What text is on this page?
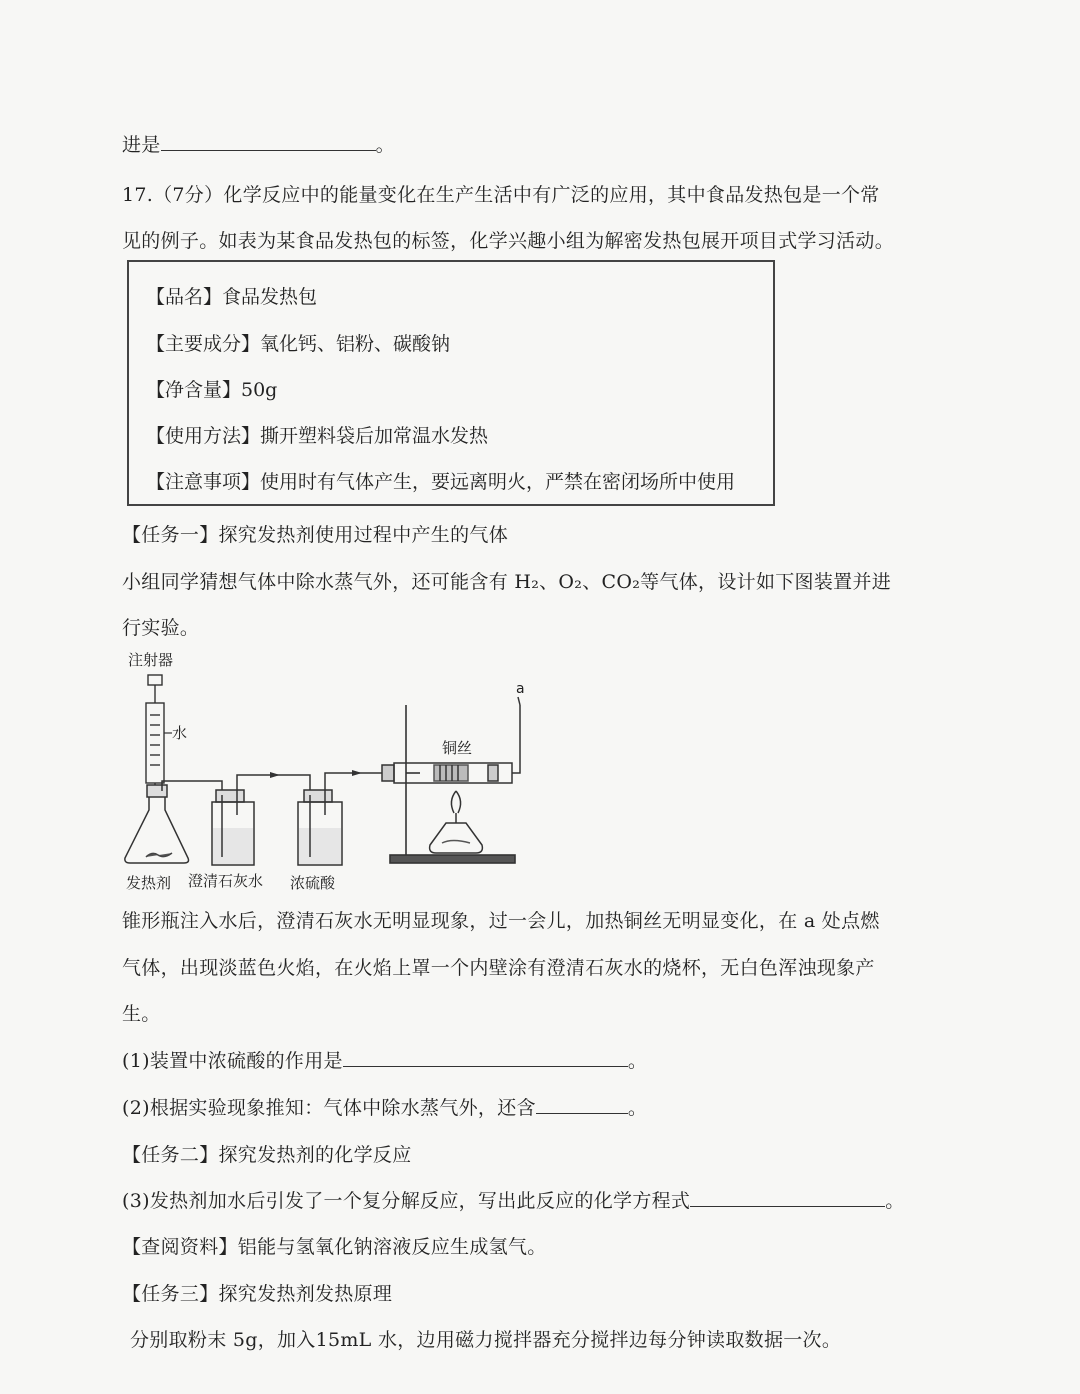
进是	。
17.（7分）化学反应中的能量变化在生产生活中有广泛的应用，其中食品发热包是一个常
见的例子。如表为某食品发热包的标签，化学兴趣小组为解密发热包展开项目式学习活动。
【品名】食品发热包
【主要成分】氧化钙、铝粉、碳酸钠
【净含量】50g
【使用方法】撕开塑料袋后加常温水发热
【注意事项】使用时有气体产生，要远离明火，严禁在密闭场所中使用
【任务一】探究发热剂使用过程中产生的气体
小组同学猜想气体中除水蒸气外，还可能含有 H₂、O₂、CO₂等气体，设计如下图装置并进
行实验。
注射器
水
铜丝
a
发热剂 澄清石灰水 浓硫酸
锥形瓶注入水后，澄清石灰水无明显现象，过一会儿，加热铜丝无明显变化，在 a 处点燃
气体，出现淡蓝色火焰，在火焰上罩一个内壁涂有澄清石灰水的烧杯，无白色浑浊现象产
生。
(1)装置中浓硫酸的作用是	。
(2)根据实验现象推知：气体中除水蒸气外，还含	。
【任务二】探究发热剂的化学反应
(3)发热剂加水后引发了一个复分解反应，写出此反应的化学方程式	。
【查阅资料】铝能与氢氧化钠溶液反应生成氢气。
【任务三】探究发热剂发热原理
分别取粉末 5g，加入15mL 水，边用磁力搅拌器充分搅拌边每分钟读取数据一次。
